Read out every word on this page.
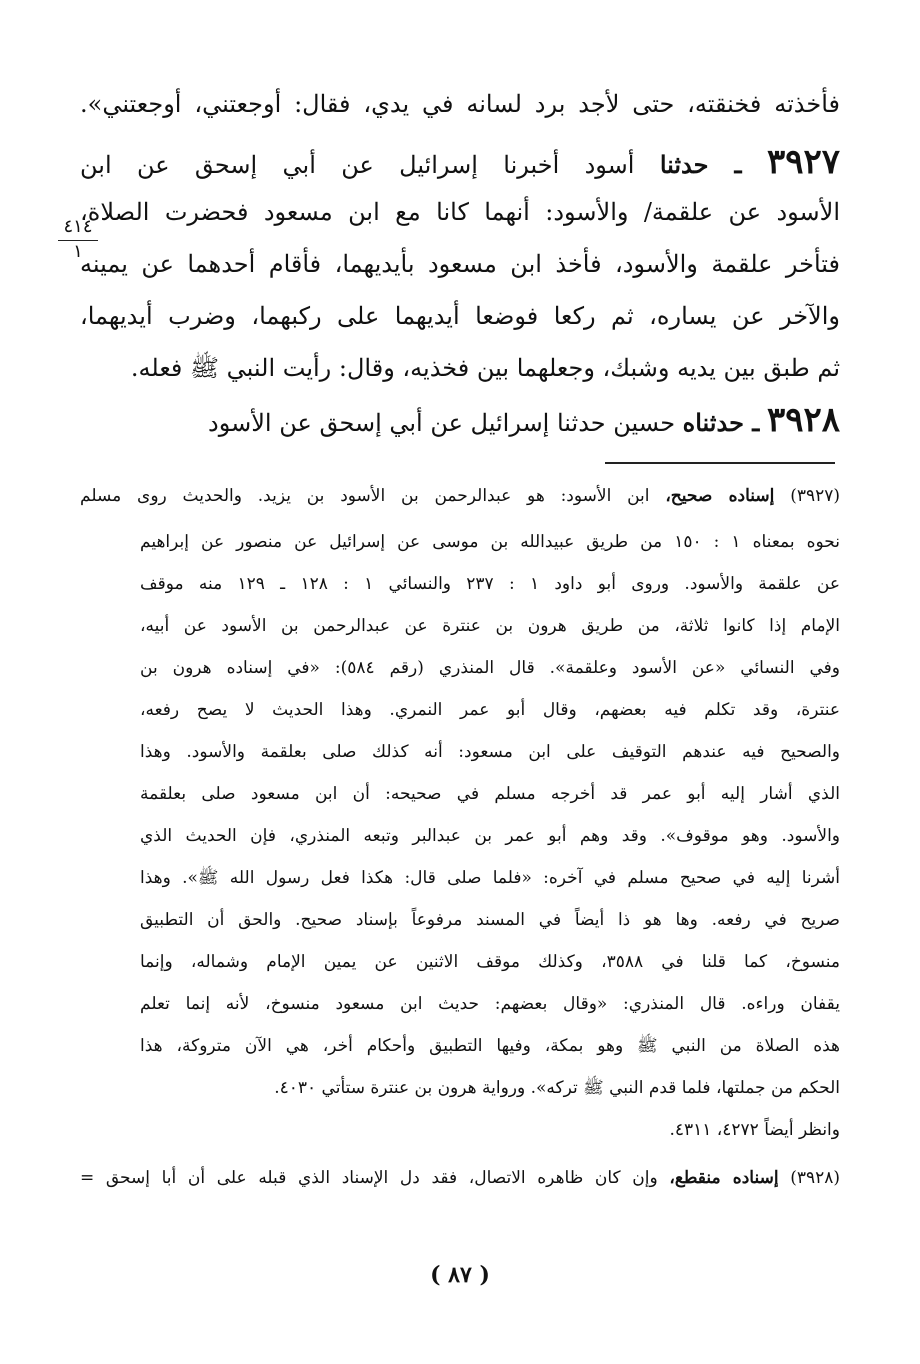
فأخذته فخنقته، حتى لأجد برد لسانه في يدي، فقال: أوجعتني، أوجعتني».

٣٩٢٧ ـ حدثنا أسود أخبرنا إسرائيل عن أبي إسحق عن ابن

الأسود عن علقمة/ والأسود: أنهما كانا مع ابن مسعود فحضرت الصلاة،

فتأخر علقمة والأسود، فأخذ ابن مسعود بأيديهما، فأقام أحدهما عن يمينه

والآخر عن يساره، ثم ركعا فوضعا أيديهما على ركبهما، وضرب أيديهما،

ثم طبق بين يديه وشبك، وجعلهما بين فخذيه، وقال: رأيت النبي ﷺ فعله.

٣٩٢٨ ـ حدثناه حسين حدثنا إسرائيل عن أبي إسحق عن الأسود

٤١٤
١

(٣٩٢٧) إسناده صحيح، ابن الأسود: هو عبدالرحمن بن الأسود بن يزيد. والحديث روى مسلم

نحوه بمعناه ١ : ١٥٠ من طريق عبيدالله بن موسى عن إسرائيل عن منصور عن إبراهيم

عن علقمة والأسود. وروى أبو داود ١ : ٢٣٧ والنسائي ١ : ١٢٨ ـ ١٢٩ منه موقف

الإمام إذا كانوا ثلاثة، من طريق هرون بن عنترة عن عبدالرحمن بن الأسود عن أبيه،

وفي النسائي «عن الأسود وعلقمة». قال المنذري (رقم ٥٨٤): «في إسناده هرون بن

عنترة، وقد تكلم فيه بعضهم، وقال أبو عمر النمري. وهذا الحديث لا يصح رفعه،

والصحيح فيه عندهم التوقيف على ابن مسعود: أنه كذلك صلى بعلقمة والأسود. وهذا

الذي أشار إليه أبو عمر قد أخرجه مسلم في صحيحه: أن ابن مسعود صلى بعلقمة

والأسود. وهو موقوف». وقد وهم أبو عمر بن عبدالبر وتبعه المنذري، فإن الحديث الذي

أشرنا إليه في صحيح مسلم في آخره: «فلما صلى قال: هكذا فعل رسول الله ﷺ». وهذا

صريح في رفعه. وها هو ذا أيضاً في المسند مرفوعاً بإسناد صحيح. والحق أن التطبيق

منسوخ، كما قلنا في ٣٥٨٨، وكذلك موقف الاثنين عن يمين الإمام وشماله، وإنما

يقفان وراءه. قال المنذري: «وقال بعضهم: حديث ابن مسعود منسوخ، لأنه إنما تعلم

هذه الصلاة من النبي ﷺ وهو بمكة، وفيها التطبيق وأحكام أخر، هي الآن متروكة، هذا

الحكم من جملتها، فلما قدم النبي ﷺ تركه». ورواية هرون بن عنترة ستأتي ٤٠٣٠.

وانظر أيضاً ٤٢٧٢، ٤٣١١.

(٣٩٢٨) إسناده منقطع، وإن كان ظاهره الاتصال، فقد دل الإسناد الذي قبله على أن أبا إسحق =

( ٨٧ )
